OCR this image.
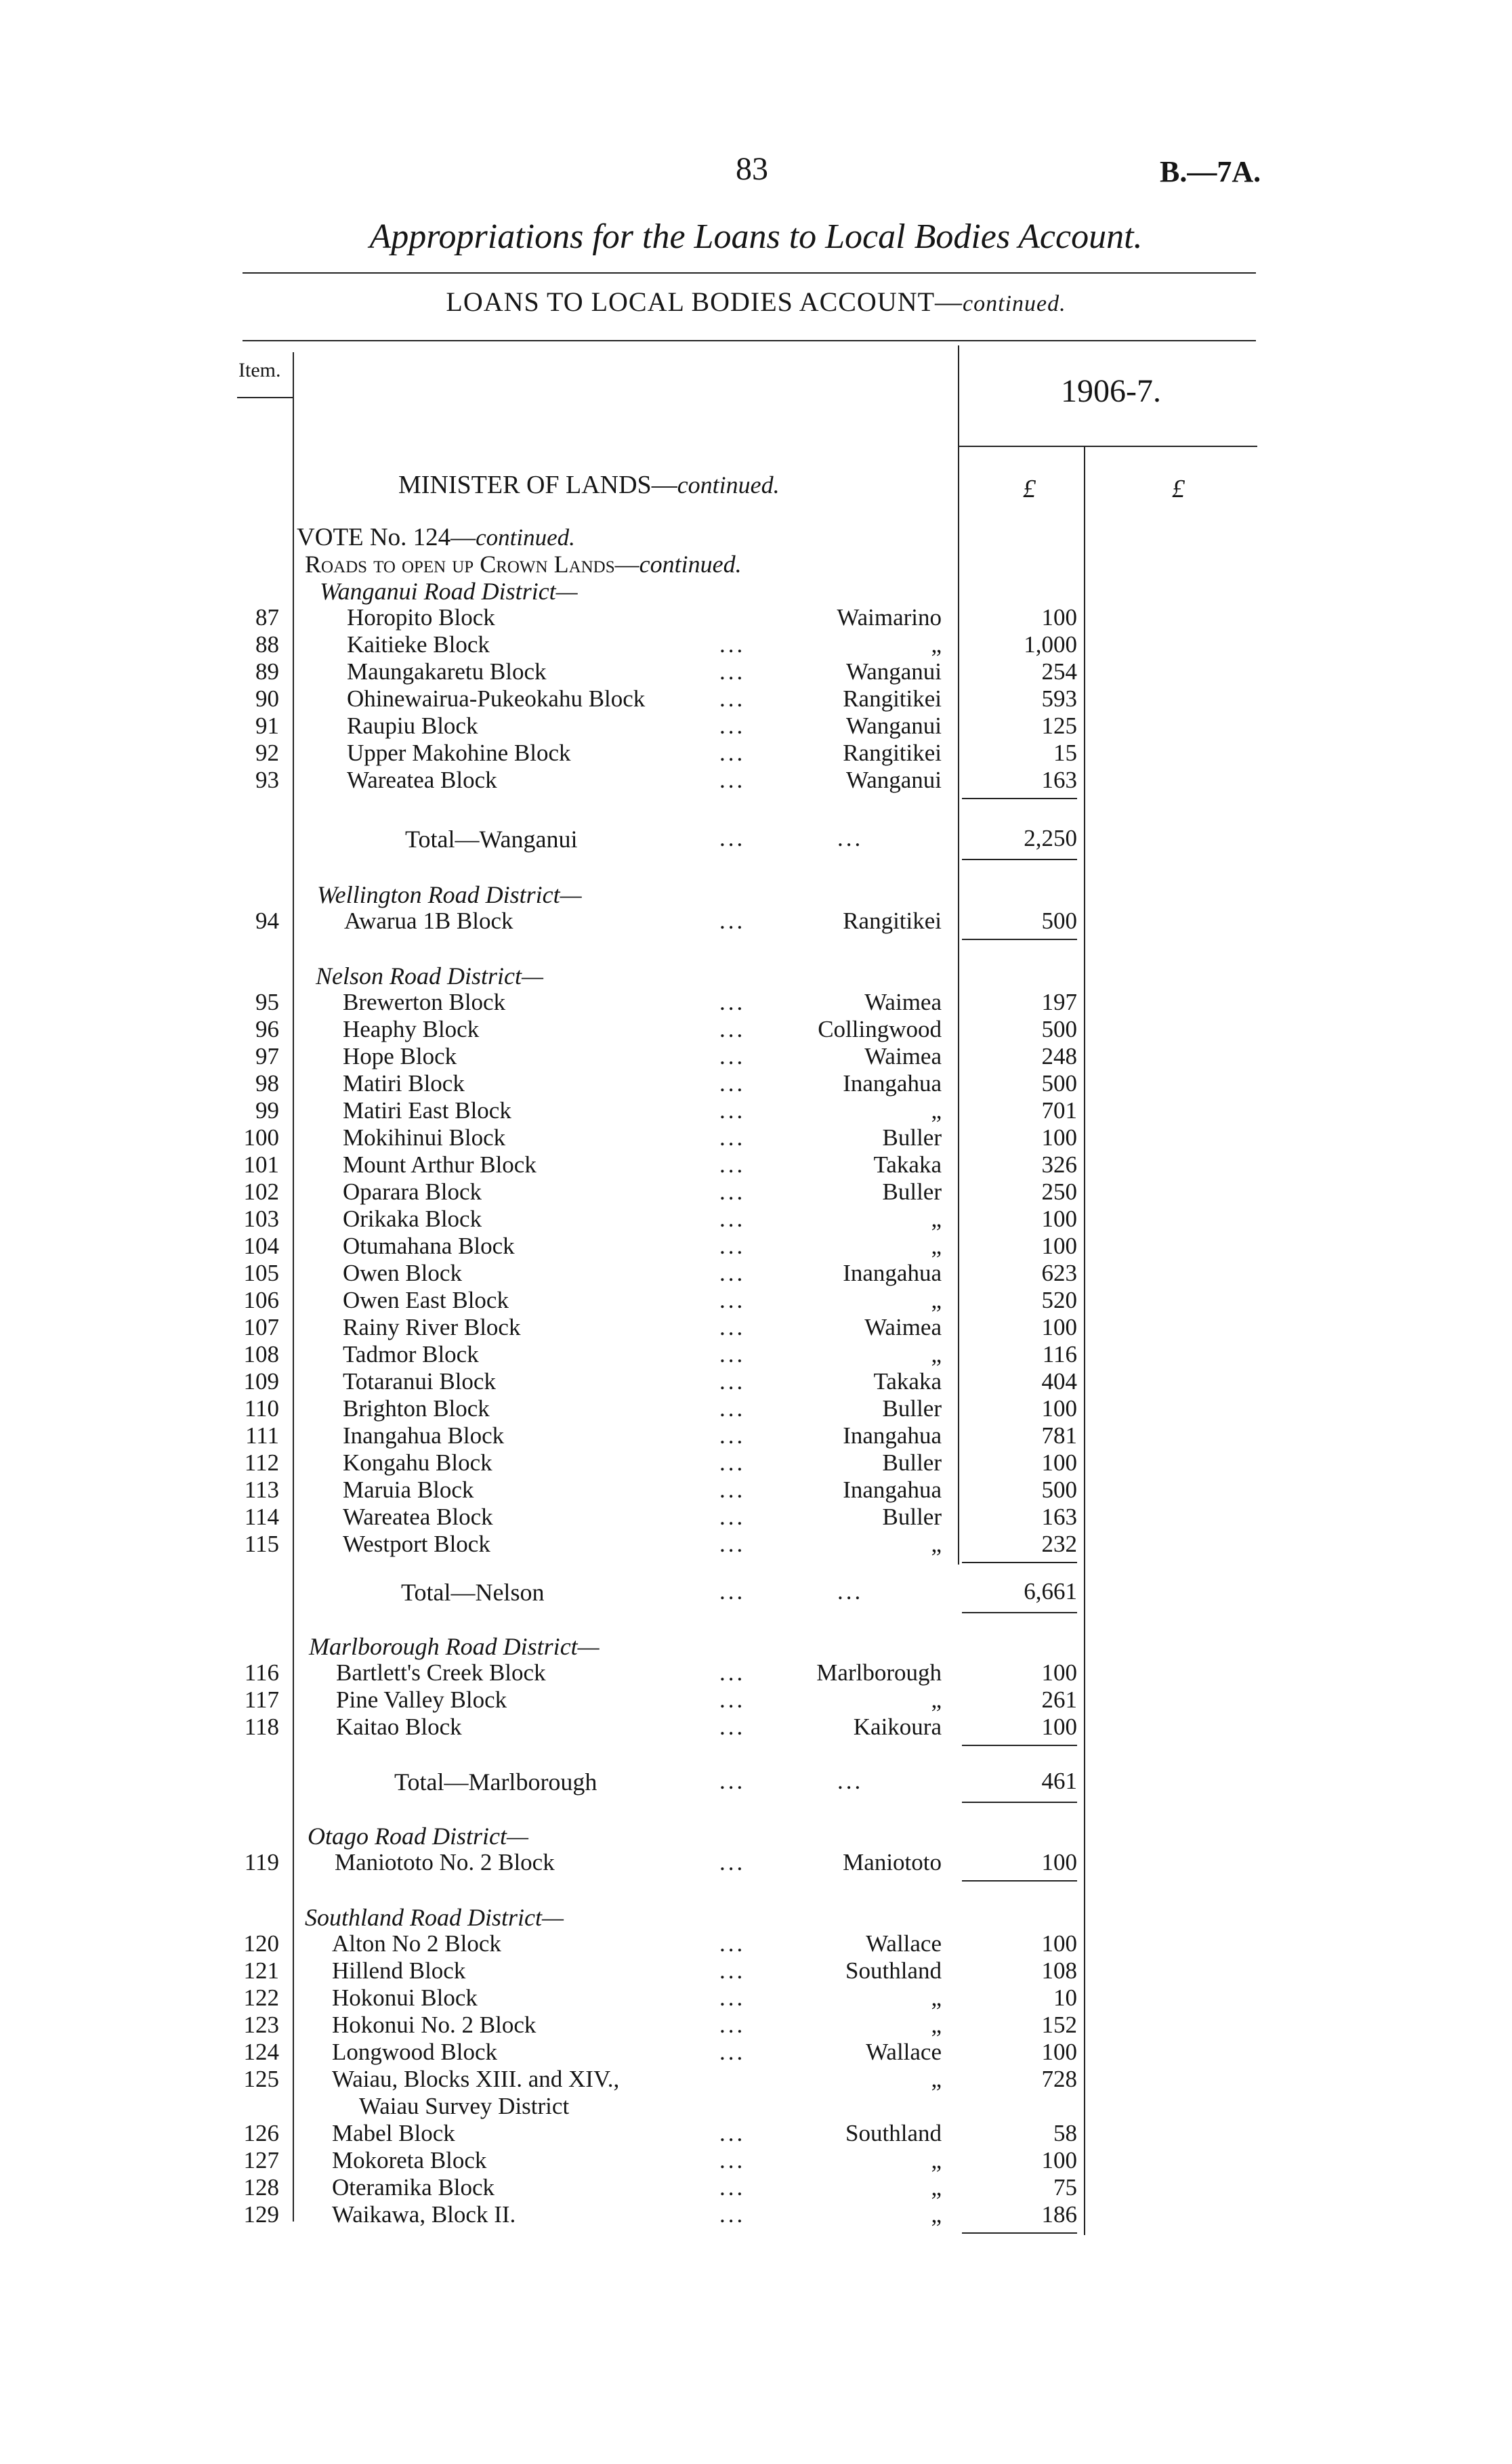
83	B.—7A.
Appropriations for the Loans to Local Bodies Account.
LOANS TO LOCAL BODIES ACCOUNT—continued.
Item.
1906-7.
MINISTER OF LANDS—continued.	£	£
VOTE No. 124—continued.
Roads to open up Crown Lands—continued.
Wanganui Road District—
87	Horopito Block	Waimarino	100
88	Kaitieke Block	...	„	1,000
89	Maungakaretu Block	...	Wanganui	254
90	Ohinewairua-Pukeokahu Block	...	Rangitikei	593
91	Raupiu Block	...	Wanganui	125
92	Upper Makohine Block	...	Rangitikei	15
93	Wareatea Block	...	Wanganui	163
Total—Wanganui	...	...	2,250
Wellington Road District—
94	Awarua 1B Block	...	Rangitikei	500
Nelson Road District—
95	Brewerton Block	...	Waimea	197
96	Heaphy Block	...	Collingwood	500
97	Hope Block	...	Waimea	248
98	Matiri Block	...	Inangahua	500
99	Matiri East Block	...	„	701
100	Mokihinui Block	...	Buller	100
101	Mount Arthur Block	...	Takaka	326
102	Oparara Block	...	Buller	250
103	Orikaka Block	...	„	100
104	Otumahana Block	...	„	100
105	Owen Block	...	Inangahua	623
106	Owen East Block	...	„	520
107	Rainy River Block	...	Waimea	100
108	Tadmor Block	...	„	116
109	Totaranui Block	...	Takaka	404
110	Brighton Block	...	Buller	100
111	Inangahua Block	...	Inangahua	781
112	Kongahu Block	...	Buller	100
113	Maruia Block	...	Inangahua	500
114	Wareatea Block	...	Buller	163
115	Westport Block	...	„	232
Total—Nelson	...	...	6,661
Marlborough Road District—
116 Bartlett's Creek Block	...	Marlborough	100
117 Pine Valley Block	...	„	261
118 Kaitao Block	...	Kaikoura	100
Total—Marlborough	...	...	461
Otago Road District—
119 Maniototo No. 2 Block	...	Maniototo	100
Southland Road District—
120 Alton No 2 Block	...	Wallace	100
121 Hillend Block	...	Southland	108
122 Hokonui Block	...	„	10
123 Hokonui No. 2 Block	...	„	152
124 Longwood Block	...	Wallace	100
125 Waiau, Blocks XIII. and XIV.,
Waiau Survey District
„	728
126 Mabel Block	...	Southland	58
127 Mokoreta Block	...	„	100
128 Oteramika Block	...	„	75
129 Waikawa, Block II.	...	„	186
